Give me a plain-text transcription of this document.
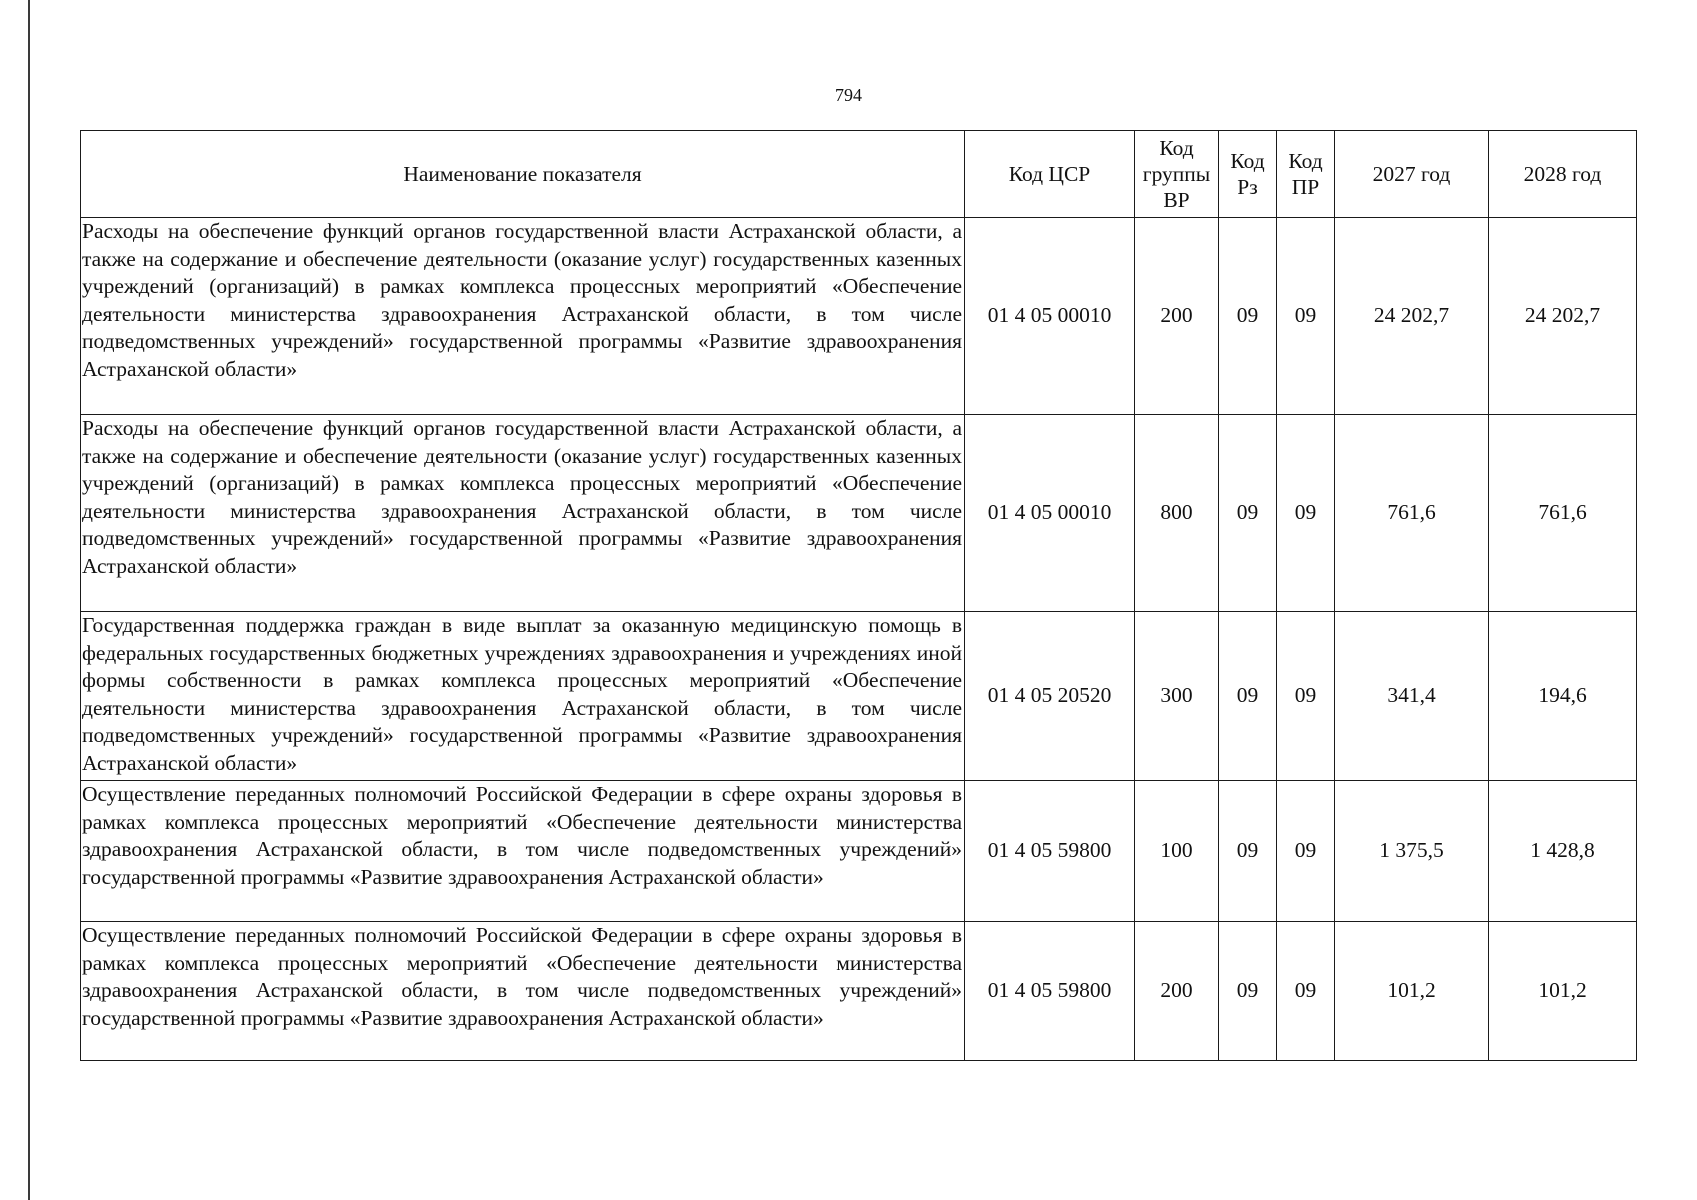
794
Наименование показателя	Код ЦСР	Код группы ВР	Код Рз	Код ПР	2027 год	2028 год
Расходы на обеспечение функций органов государственной власти Астраханской области, а также на содержание и обеспечение деятельности (оказание услуг) государственных казенных учреждений (организаций) в рамках комплекса процессных мероприятий «Обеспечение деятельности министерства здравоохранения Астраханской области, в том числе подведомственных учреждений» государственной программы «Развитие здравоохранения Астраханской области»	01 4 05 00010	200	09	09	24 202,7	24 202,7
Расходы на обеспечение функций органов государственной власти Астраханской области, а также на содержание и обеспечение деятельности (оказание услуг) государственных казенных учреждений (организаций) в рамках комплекса процессных мероприятий «Обеспечение деятельности министерства здравоохранения Астраханской области, в том числе подведомственных учреждений» государственной программы «Развитие здравоохранения Астраханской области»	01 4 05 00010	800	09	09	761,6	761,6
Государственная поддержка граждан в виде выплат за оказанную медицинскую помощь в федеральных государственных бюджетных учреждениях здравоохранения и учреждениях иной формы собственности в рамках комплекса процессных мероприятий «Обеспечение деятельности министерства здравоохранения Астраханской области, в том числе подведомственных учреждений» государственной программы «Развитие здравоохранения Астраханской области»	01 4 05 20520	300	09	09	341,4	194,6
Осуществление переданных полномочий Российской Федерации в сфере охраны здоровья в рамках комплекса процессных мероприятий «Обеспечение деятельности министерства здравоохранения Астраханской области, в том числе подведомственных учреждений» государственной программы «Развитие здравоохранения Астраханской области»	01 4 05 59800	100	09	09	1 375,5	1 428,8
Осуществление переданных полномочий Российской Федерации в сфере охраны здоровья в рамках комплекса процессных мероприятий «Обеспечение деятельности министерства здравоохранения Астраханской области, в том числе подведомственных учреждений» государственной программы «Развитие здравоохранения Астраханской области»	01 4 05 59800	200	09	09	101,2	101,2
